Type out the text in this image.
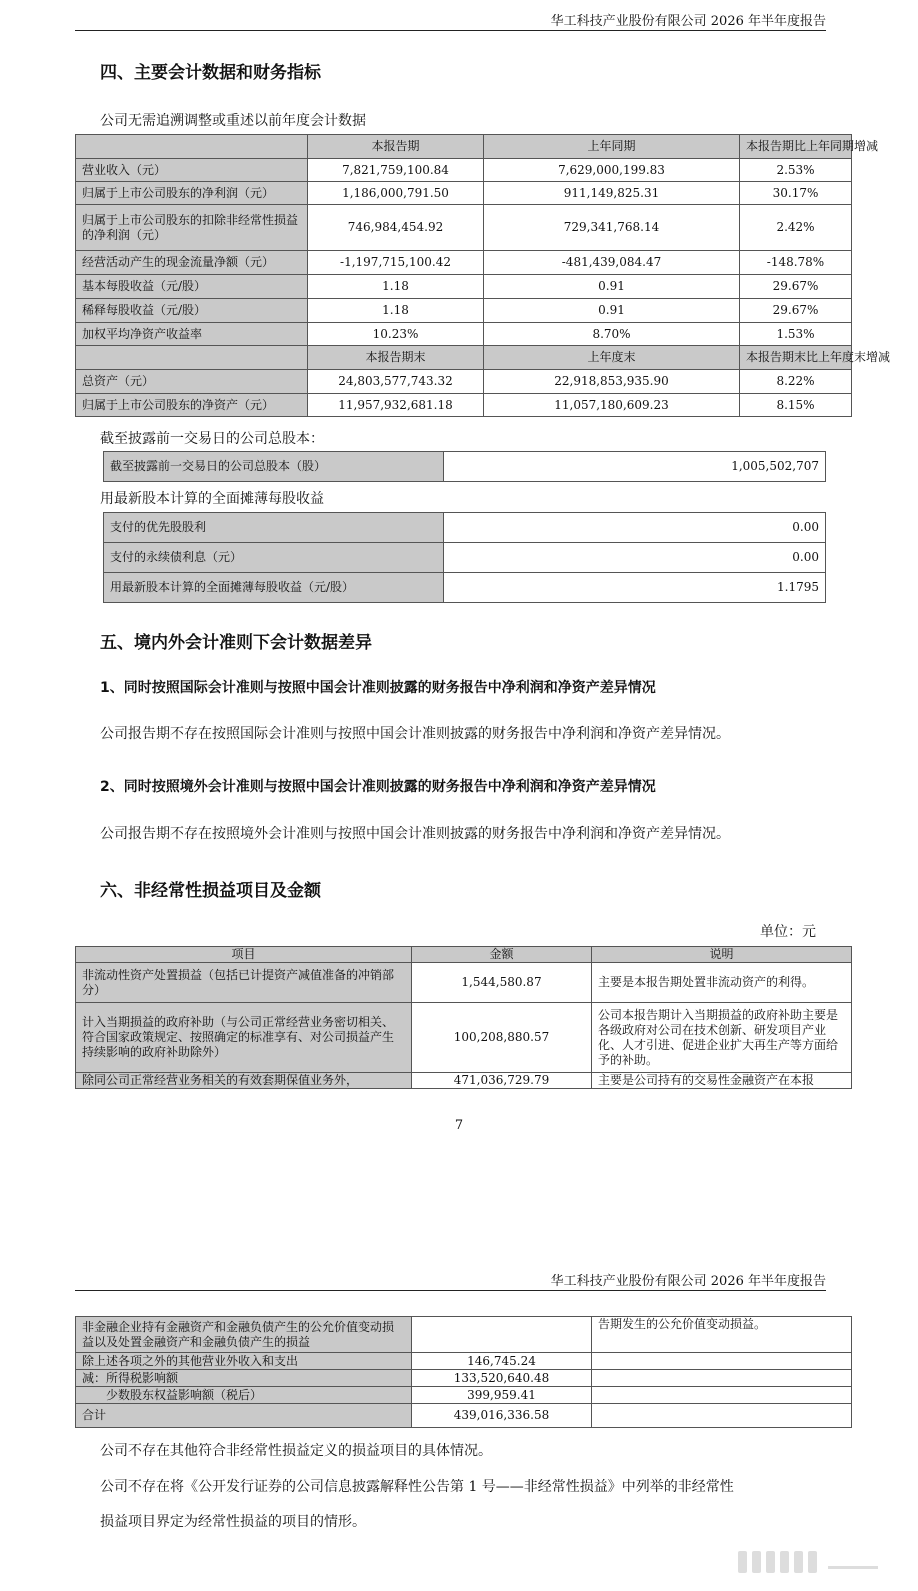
华工科技产业股份有限公司 2026 年半年度报告
四、主要会计数据和财务指标
公司无需追溯调整或重述以前年度会计数据
	本报告期	上年同期	本报告期比上年同期增减
营业收入（元）	7,821,759,100.84	7,629,000,199.83	2.53%
归属于上市公司股东的净利润（元）	1,186,000,791.50	911,149,825.31	30.17%
归属于上市公司股东的扣除非经常性损益的净利润（元）	746,984,454.92	729,341,768.14	2.42%
经营活动产生的现金流量净额（元）	-1,197,715,100.42	-481,439,084.47	-148.78%
基本每股收益（元/股）	1.18	0.91	29.67%
稀释每股收益（元/股）	1.18	0.91	29.67%
加权平均净资产收益率	10.23%	8.70%	1.53%
	本报告期末	上年度末	本报告期末比上年度末增减
总资产（元）	24,803,577,743.32	22,918,853,935.90	8.22%
归属于上市公司股东的净资产（元）	11,957,932,681.18	11,057,180,609.23	8.15%
截至披露前一交易日的公司总股本：
截至披露前一交易日的公司总股本（股）	1,005,502,707
用最新股本计算的全面摊薄每股收益
支付的优先股股利	0.00
支付的永续债利息（元）	0.00
用最新股本计算的全面摊薄每股收益（元/股）	1.1795
五、境内外会计准则下会计数据差异
1、同时按照国际会计准则与按照中国会计准则披露的财务报告中净利润和净资产差异情况
公司报告期不存在按照国际会计准则与按照中国会计准则披露的财务报告中净利润和净资产差异情况。
2、同时按照境外会计准则与按照中国会计准则披露的财务报告中净利润和净资产差异情况
公司报告期不存在按照境外会计准则与按照中国会计准则披露的财务报告中净利润和净资产差异情况。
六、非经常性损益项目及金额
单位：元
项目	金额	说明
非流动性资产处置损益（包括已计提资产减值准备的冲销部分）	1,544,580.87	主要是本报告期处置非流动资产的利得。
计入当期损益的政府补助（与公司正常经营业务密切相关、符合国家政策规定、按照确定的标准享有、对公司损益产生持续影响的政府补助除外）	100,208,880.57	公司本报告期计入当期损益的政府补助主要是各级政府对公司在技术创新、研发项目产业化、人才引进、促进企业扩大再生产等方面给予的补助。
除同公司正常经营业务相关的有效套期保值业务外，	471,036,729.79	主要是公司持有的交易性金融资产在本报
7
华工科技产业股份有限公司 2026 年半年度报告
非金融企业持有金融资产和金融负债产生的公允价值变动损益以及处置金融资产和金融负债产生的损益		告期发生的公允价值变动损益。
除上述各项之外的其他营业外收入和支出	146,745.24	
减：所得税影响额	133,520,640.48	
　　少数股东权益影响额（税后）	399,959.41	
合计	439,016,336.58	
公司不存在其他符合非经常性损益定义的损益项目的具体情况。
公司不存在将《公开发行证券的公司信息披露解释性公告第 1 号——非经常性损益》中列举的非经常性
损益项目界定为经常性损益的项目的情形。
